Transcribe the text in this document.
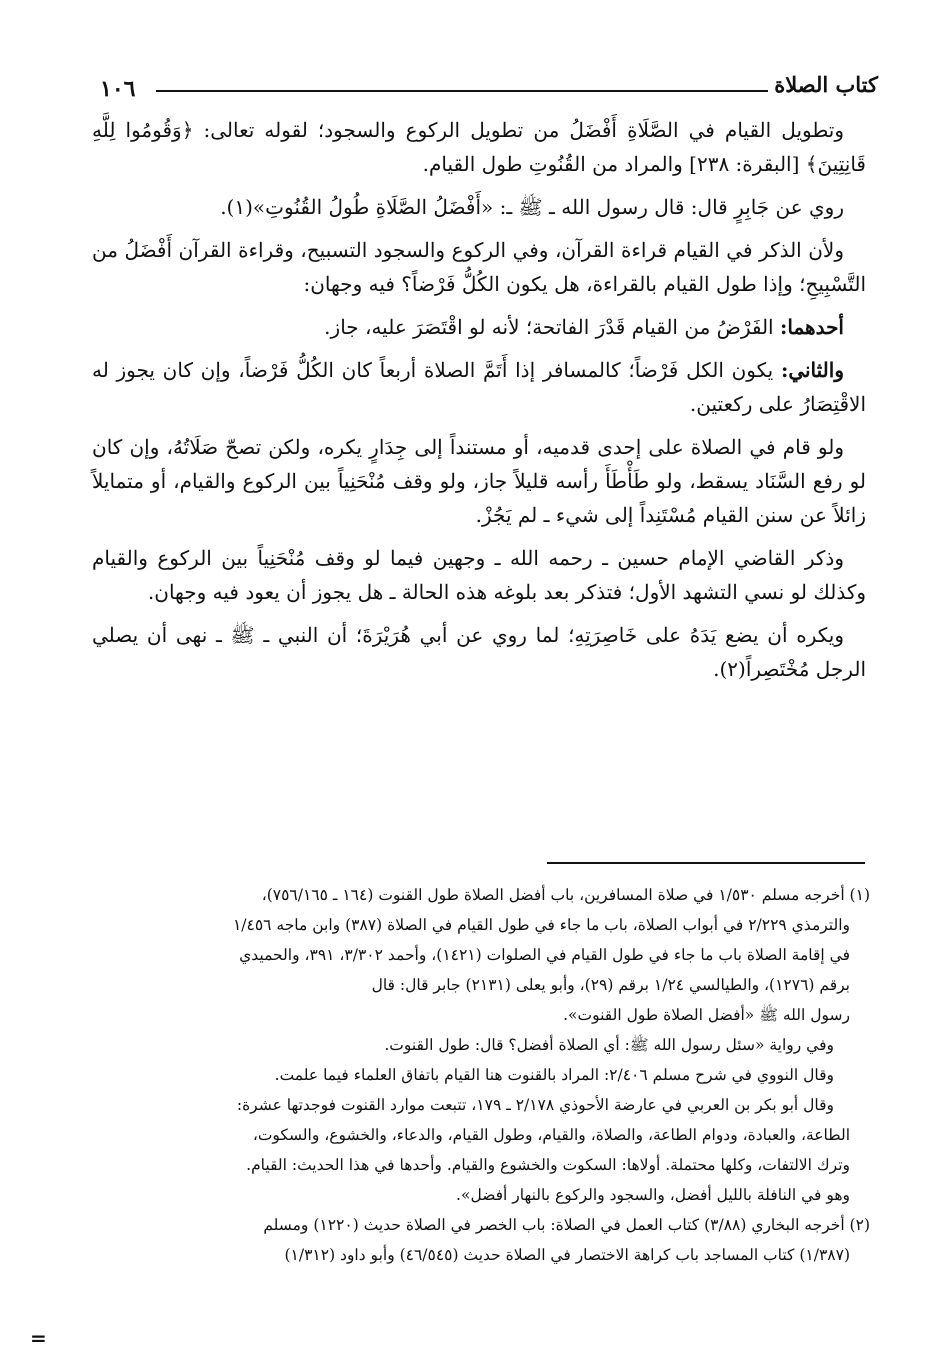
١٠٦	كتاب الصلاة

وتطويل القيام في الصَّلَاةِ أَفْضَلُ من تطويل الركوع والسجود؛ لقوله تعالى: ﴿وَقُومُوا لِلَّهِ قَانِتِينَ﴾ [البقرة: ٢٣٨] والمراد من القُنُوتِ طول القيام.

روي عن جَابِرٍ قال: قال رسول الله ـ ﷺ ـ: «أَفْضَلُ الصَّلَاةِ طُولُ القُنُوتِ»(١).

ولأن الذكر في القيام قراءة القرآن، وفي الركوع والسجود التسبيح، وقراءة القرآن أَفْضَلُ من التَّسْبِيحِ؛ وإذا طول القيام بالقراءة، هل يكون الكُلُّ فَرْضاً؟ فيه وجهان:

أحدهما: الفَرْضُ من القيام قَدْرَ الفاتحة؛ لأنه لو اقْتَصَرَ عليه، جاز.

والثاني: يكون الكل فَرْضاً؛ كالمسافر إذا أَتَمَّ الصلاة أربعاً كان الكُلُّ فَرْضاً، وإن كان يجوز له الاقْتِصَارُ على ركعتين.

ولو قام في الصلاة على إحدى قدميه، أو مستنداً إلى جِدَارٍ يكره، ولكن تصحّ صَلَاتُهُ، وإن كان لو رفع السَّنَاد يسقط، ولو طَأْطَأَ رأسه قليلاً جاز، ولو وقف مُنْحَنِياً بين الركوع والقيام، أو متمايلاً زائلاً عن سنن القيام مُسْتَنِداً إلى شيء ـ لم يَجُزْ.

وذكر القاضي الإمام حسين ـ رحمه الله ـ وجهين فيما لو وقف مُنْحَنِياً بين الركوع والقيام وكذلك لو نسي التشهد الأول؛ فتذكر بعد بلوغه هذه الحالة ـ هل يجوز أن يعود فيه وجهان.

ويكره أن يضع يَدَهُ على خَاصِرَتِهِ؛ لما روي عن أبي هُرَيْرَةَ؛ أن النبي ـ ﷺ ـ نهى أن يصلي الرجل مُخْتَصِراً(٢).

(١) أخرجه مسلم ١/٥٣٠ في صلاة المسافرين، باب أفضل الصلاة طول القنوت (١٦٤ ـ ٧٥٦/١٦٥)،

والترمذي ٢/٢٢٩ في أبواب الصلاة، باب ما جاء في طول القيام في الصلاة (٣٨٧) وابن ماجه ١/٤٥٦

في إقامة الصلاة باب ما جاء في طول القيام في الصلوات (١٤٢١)، وأحمد ٣/٣٠٢، ٣٩١، والحميدي

برقم (١٢٧٦)، والطيالسي ١/٢٤ برقم (٢٩)، وأبو يعلى (٢١٣١) جابر قال: قال

رسول الله ﷺ «أفضل الصلاة طول القنوت».

وفي رواية «سئل رسول الله ﷺ: أي الصلاة أفضل؟ قال: طول القنوت.

وقال النووي في شرح مسلم ٢/٤٠٦: المراد بالقنوت هنا القيام باتفاق العلماء فيما علمت.

وقال أبو بكر بن العربي في عارضة الأحوذي ٢/١٧٨ ـ ١٧٩، تتبعت موارد القنوت فوجدتها عشرة:

الطاعة، والعبادة، ودوام الطاعة، والصلاة، والقيام، وطول القيام، والدعاء، والخشوع، والسكوت،

وترك الالتفات، وكلها محتملة. أولاها: السكوت والخشوع والقيام. وأحدها في هذا الحديث: القيام.

وهو في النافلة بالليل أفضل، والسجود والركوع بالنهار أفضل».

(٢) أخرجه البخاري (٣/٨٨) كتاب العمل في الصلاة: باب الخصر في الصلاة حديث (١٢٢٠) ومسلم

(١/٣٨٧) كتاب المساجد باب كراهة الاختصار في الصلاة حديث (٤٦/٥٤٥) وأبو داود (١/٣١٢)

=
